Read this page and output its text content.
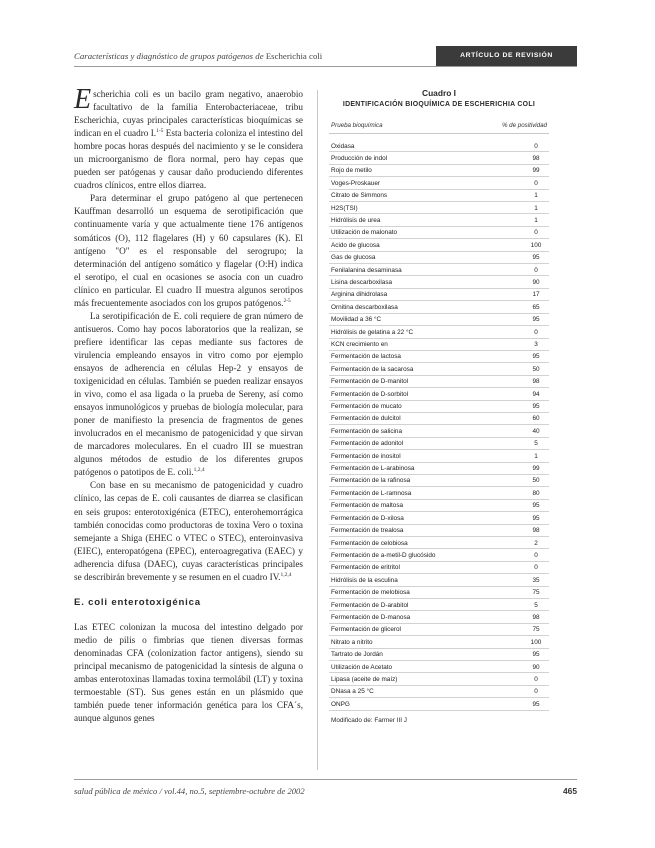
Características y diagnóstico de grupos patógenos de Escherichia coli	ARTÍCULO DE REVISIÓN

Escherichia coli es un bacilo gram negativo, anaerobio facultativo de la familia Enterobacteriaceae, tribu Escherichia, cuyas principales características bioquímicas se indican en el cuadro I.$^{1-5}$ Esta bacteria coloniza el intestino del hombre pocas horas después del nacimiento y se le considera un microorganismo de flora normal, pero hay cepas que pueden ser patógenas y causar daño produciendo diferentes cuadros clínicos, entre ellos diarrea.

Para determinar el grupo patógeno al que pertenecen Kauffman desarrolló un esquema de serotipificación que continuamente varía y que actualmente tiene 176 antígenos somáticos (O), 112 flagelares (H) y 60 capsulares (K). El antígeno "O" es el responsable del serogrupo; la determinación del antígeno somático y flagelar (O:H) indica el serotipo, el cual en ocasiones se asocia con un cuadro clínico en particular. El cuadro II muestra algunos serotipos más frecuentemente asociados con los grupos patógenos.$^{2-5}$

La serotipificación de E. coli requiere de gran número de antisueros. Como hay pocos laboratorios que la realizan, se prefiere identificar las cepas mediante sus factores de virulencia empleando ensayos in vitro como por ejemplo ensayos de adherencia en células Hep-2 y ensayos de toxigenicidad en células. También se pueden realizar ensayos in vivo, como el asa ligada o la prueba de Sereny, así como ensayos inmunológicos y pruebas de biología molecular, para poner de manifiesto la presencia de fragmentos de genes involucrados en el mecanismo de patogenicidad y que sirvan de marcadores moleculares. En el cuadro III se muestran algunos métodos de estudio de los diferentes grupos patógenos o patotipos de E. coli.$^{1,2,4}$

Con base en su mecanismo de patogenicidad y cuadro clínico, las cepas de E. coli causantes de diarrea se clasifican en seis grupos: enterotoxigénica (ETEC), enterohemorrágica también conocidas como productoras de toxina Vero o toxina semejante a Shiga (EHEC o VTEC o STEC), enteroinvasiva (EIEC), enteropatógena (EPEC), enteroagregativa (EAEC) y adherencia difusa (DAEC), cuyas características principales se describirán brevemente y se resumen en el cuadro IV.$^{1,2,4}$

E. coli enterotoxigénica

Las ETEC colonizan la mucosa del intestino delgado por medio de pilis o fimbrias que tienen diversas formas denominadas CFA (colonization factor antigens), siendo su principal mecanismo de patogenicidad la síntesis de alguna o ambas enterotoxinas llamadas toxina termolábil (LT) y toxina termoestable (ST). Sus genes están en un plásmido que también puede tener información genética para los CFA´s, aunque algunos genes

Cuadro I
IDENTIFICACIÓN BIOQUÍMICA DE ESCHERICHIA COLI
Prueba bioquímica	% de positividad
Oxidasa	0
Producción de indol	98
Rojo de metilo	99
Voges-Proskauer	0
Citrato de Simmons	1
H2S(TSI)	1
Hidrólisis de urea	1
Utilización de malonato	0
Acido de glucosa	100
Gas de glucosa	95
Fenilalanina desaminasa	0
Lisina descarboxilasa	90
Arginina dihidrolasa	17
Ornitina descarboxilasa	65
Movilidad a 36 °C	95
Hidrólisis de gelatina a 22 °C	0
KCN crecimiento en	3
Fermentación de lactosa	95
Fermentación de la sacarosa	50
Fermentación de D-manitol	98
Fermentación de D-sorbitol	94
Fermentación de mucato	95
Fermentación de dulcitol	60
Fermentación de salicina	40
Fermentación de adonitol	5
Fermentación de inositol	1
Fermentación de L-arabinosa	99
Fermentación de la rafinosa	50
Fermentación de L-ramnosa	80
Fermentación de maltosa	95
Fermentación de D-xilosa	95
Fermentación de trealosa	98
Fermentación de celobiosa	2
Fermentación de a-metil-D glucósido	0
Fermentación de eritritol	0
Hidrólisis de la esculina	35
Fermentación de melobiosa	75
Fermentación de D-arabitol	5
Fermentación de D-manosa	98
Fermentación de glicerol	75
Nitrato a nitrito	100
Tartrato de Jordán	95
Utilización de Acetato	90
Lipasa (aceite de maíz)	0
DNasa a 25 °C	0
ONPG	95
Modificado de: Farmer III J
salud pública de méxico / vol.44, no.5, septiembre-octubre de 2002	465
